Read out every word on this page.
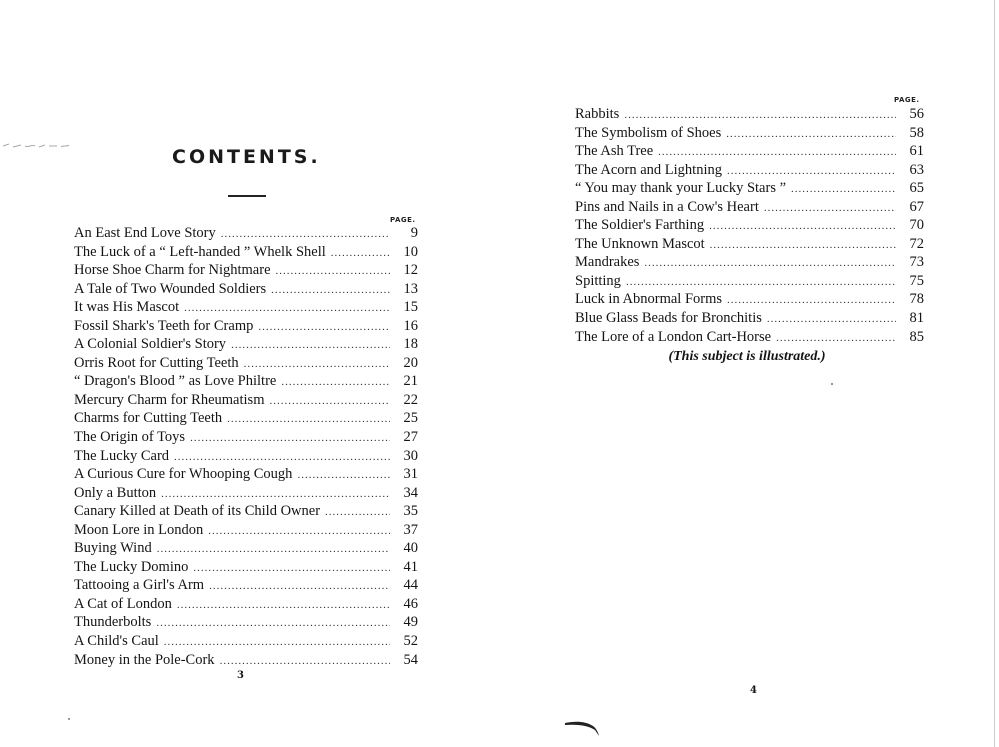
CONTENTS.
PAGE.
An East End Love Story .....	9
The Luck of a “ Left-handed ” Whelk Shell .....	10
Horse Shoe Charm for Nightmare .....	12
A Tale of Two Wounded Soldiers .....	13
It was His Mascot .....	15
Fossil Shark's Teeth for Cramp .....	16
A Colonial Soldier's Story .....	18
Orris Root for Cutting Teeth .....	20
“ Dragon's Blood ” as Love Philtre .....	21
Mercury Charm for Rheumatism .....	22
Charms for Cutting Teeth .....	25
The Origin of Toys .....	27
The Lucky Card .....	30
A Curious Cure for Whooping Cough .....	31
Only a Button .....	34
Canary Killed at Death of its Child Owner .....	35
Moon Lore in London .....	37
Buying Wind .....	40
The Lucky Domino .....	41
Tattooing a Girl's Arm .....	44
A Cat of London .....	46
Thunderbolts .....	49
A Child's Caul .....	52
Money in the Pole-Cork .....	54
3
PAGE.
Rabbits .....	56
The Symbolism of Shoes .....	58
The Ash Tree .....	61
The Acorn and Lightning .....	63
“ You may thank your Lucky Stars ” .....	65
Pins and Nails in a Cow's Heart .....	67
The Soldier's Farthing .....	70
The Unknown Mascot .....	72
Mandrakes .....	73
Spitting .....	75
Luck in Abnormal Forms .....	78
Blue Glass Beads for Bronchitis .....	81
The Lore of a London Cart-Horse .....	85
(This subject is illustrated.)
4
